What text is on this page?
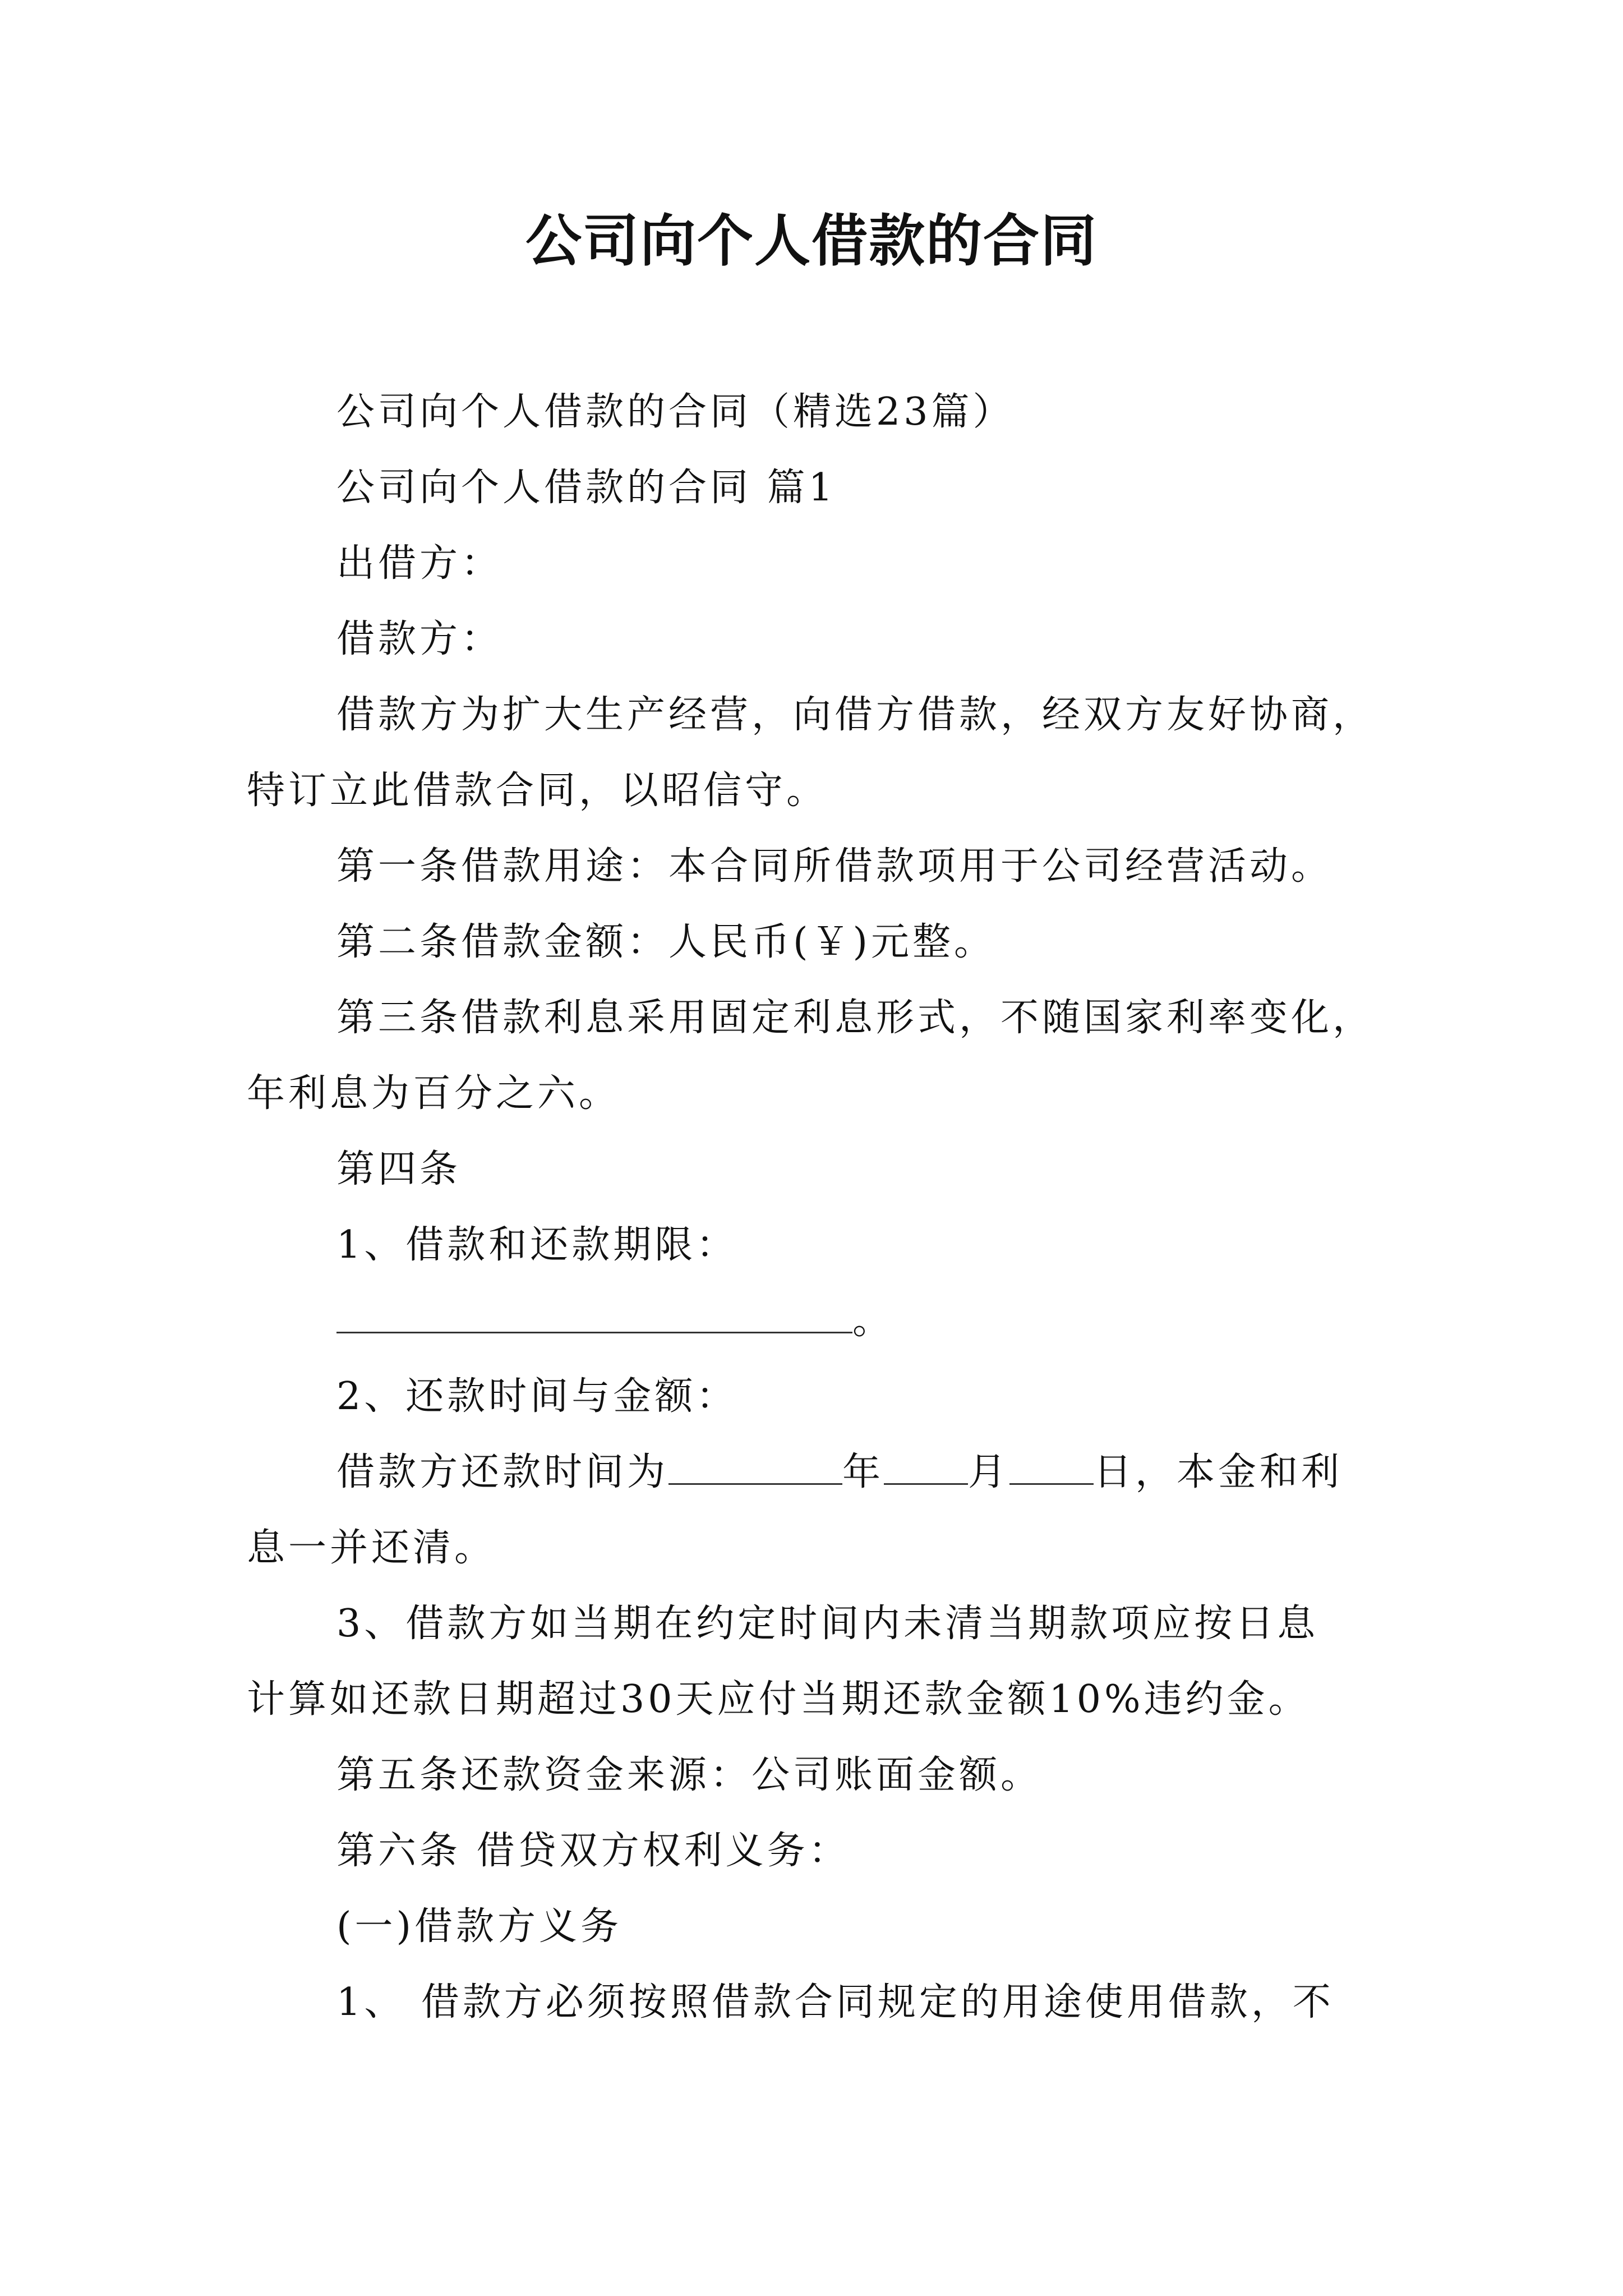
公司向个人借款的合同
公司向个人借款的合同（精选23篇）
公司向个人借款的合同 篇1
出借方：
借款方：
借款方为扩大生产经营，向借方借款，经双方友好协商，
特订立此借款合同，以昭信守。
第一条借款用途：本合同所借款项用于公司经营活动。
第二条借款金额：人民币(￥)元整。
第三条借款利息采用固定利息形式，不随国家利率变化，
年利息为百分之六。
第四条
1、借款和还款期限：
。
2、还款时间与金额：
借款方还款时间为	年 月 日，本金和利
息一并还清。
3、借款方如当期在约定时间内未清当期款项应按日息
计算如还款日期超过30天应付当期还款金额10%违约金。
第五条还款资金来源：公司账面金额。
第六条 借贷双方权利义务：
(一)借款方义务
1、 借款方必须按照借款合同规定的用途使用借款，不
